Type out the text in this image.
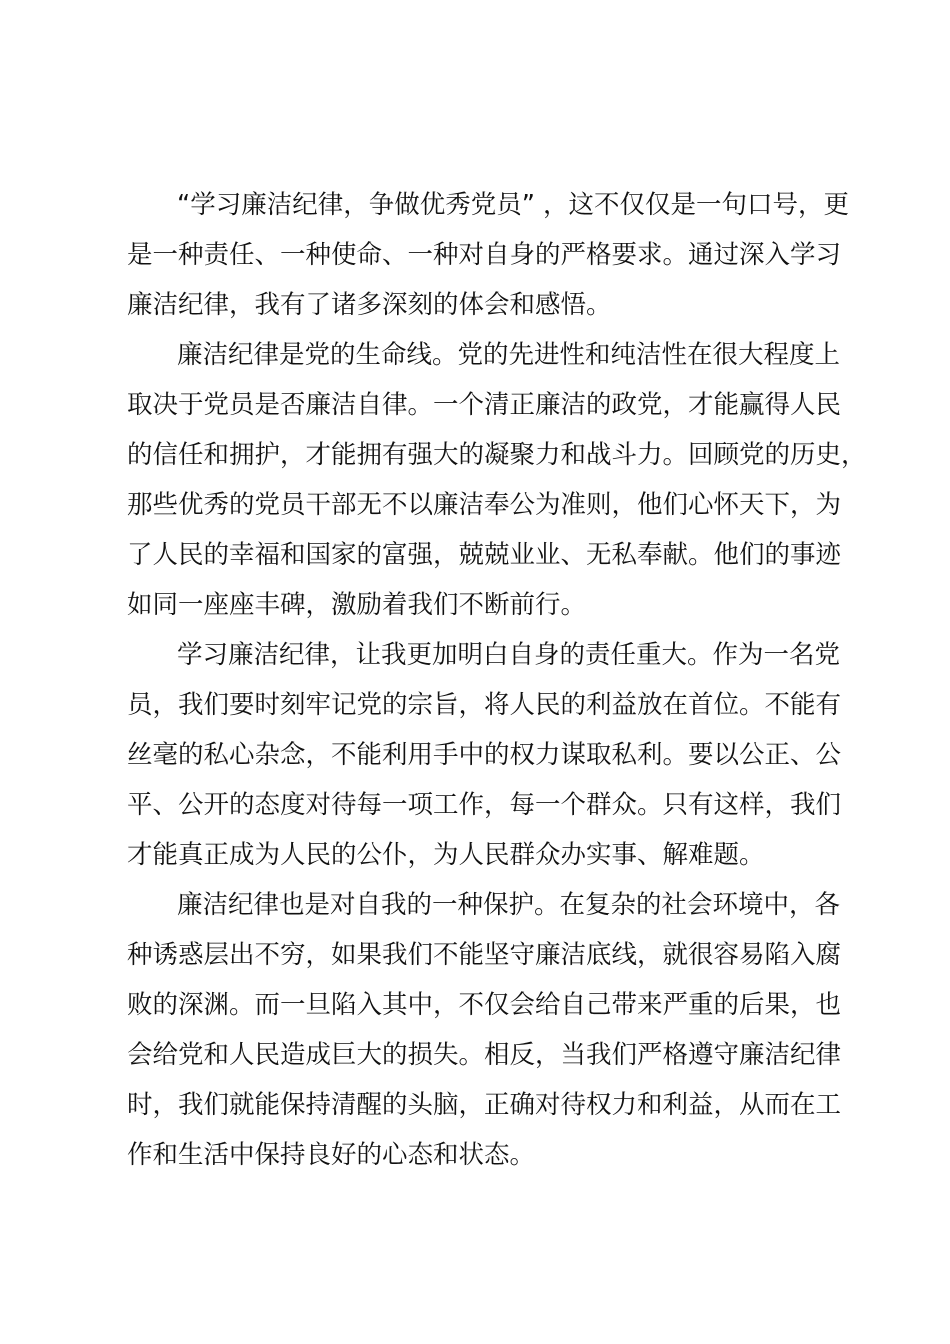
“学习廉洁纪律，争做优秀党员” ，这不仅仅是一句口号，更
是一种责任、一种使命、一种对自身的严格要求。通过深入学习
廉洁纪律，我有了诸多深刻的体会和感悟。

廉洁纪律是党的生命线。党的先进性和纯洁性在很大程度上
取决于党员是否廉洁自律。一个清正廉洁的政党，才能赢得人民
的信任和拥护，才能拥有强大的凝聚力和战斗力。回顾党的历史，
那些优秀的党员干部无不以廉洁奉公为准则，他们心怀天下，为
了人民的幸福和国家的富强，兢兢业业、无私奉献。他们的事迹
如同一座座丰碑，激励着我们不断前行。

学习廉洁纪律，让我更加明白自身的责任重大。作为一名党
员，我们要时刻牢记党的宗旨，将人民的利益放在首位。不能有
丝毫的私心杂念，不能利用手中的权力谋取私利。要以公正、公
平、公开的态度对待每一项工作，每一个群众。只有这样，我们
才能真正成为人民的公仆，为人民群众办实事、解难题。

廉洁纪律也是对自我的一种保护。在复杂的社会环境中，各
种诱惑层出不穷，如果我们不能坚守廉洁底线，就很容易陷入腐
败的深渊。而一旦陷入其中，不仅会给自己带来严重的后果，也
会给党和人民造成巨大的损失。相反，当我们严格遵守廉洁纪律
时，我们就能保持清醒的头脑，正确对待权力和利益，从而在工
作和生活中保持良好的心态和状态。
